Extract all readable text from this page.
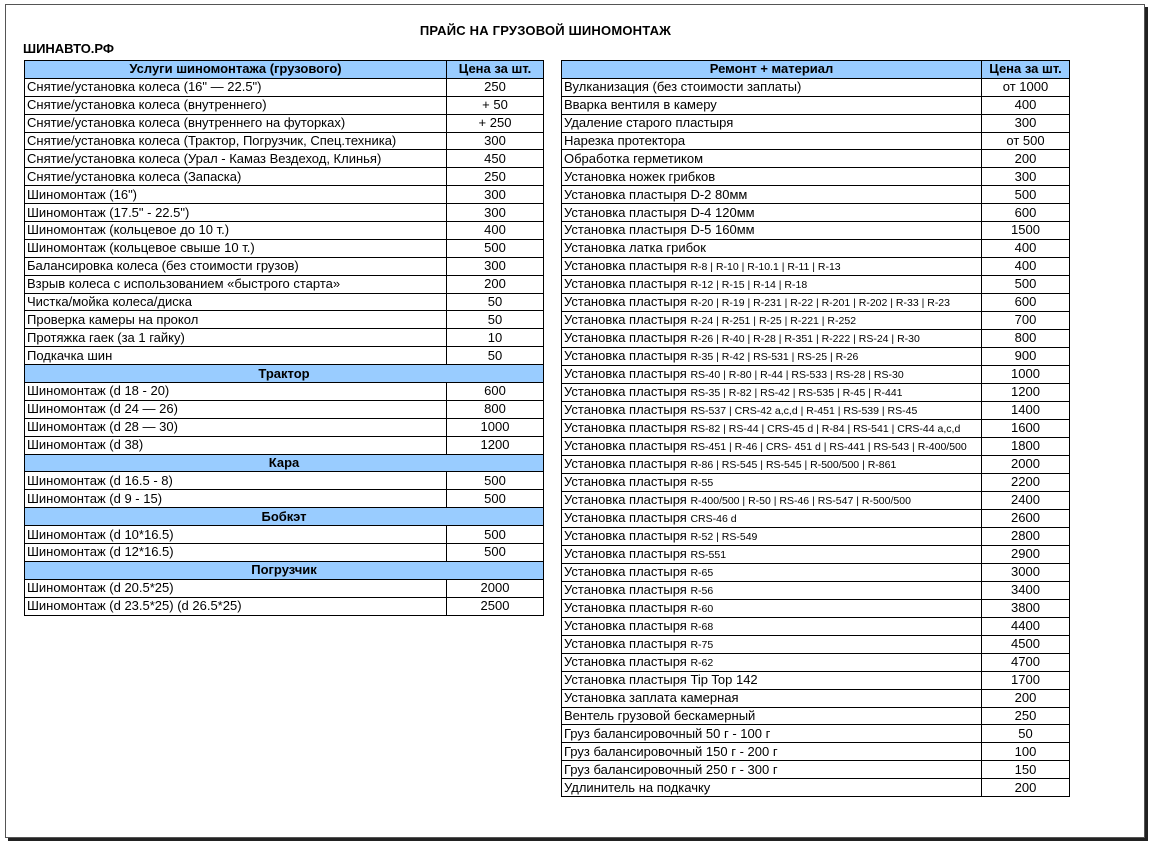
ПРАЙС НА ГРУЗОВОЙ ШИНОМОНТАЖ
ШИНАВТО.РФ
Услуги шиномонтажа (грузового)	Цена за шт.
Снятие/установка колеса (16" — 22.5")	250
Снятие/установка колеса (внутреннего)	+ 50
Снятие/установка колеса (внутреннего на футорках)	+ 250
Снятие/установка колеса (Трактор, Погрузчик, Спец.техника)	300
Снятие/установка колеса (Урал - Камаз Вездеход, Клинья)	450
Снятие/установка колеса (Запаска)	250
Шиномонтаж (16")	300
Шиномонтаж (17.5" - 22.5")	300
Шиномонтаж (кольцевое до 10 т.)	400
Шиномонтаж (кольцевое свыше 10 т.)	500
Балансировка колеса (без стоимости грузов)	300
Взрыв колеса с использованием «быстрого старта»	200
Чистка/мойка колеса/диска	50
Проверка камеры на прокол	50
Протяжка гаек (за 1 гайку)	10
Подкачка шин	50
Трактор	
Шиномонтаж (d 18 - 20)	600
Шиномонтаж (d 24 — 26)	800
Шиномонтаж (d 28 — 30)	1000
Шиномонтаж (d 38)	1200
Кара	
Шиномонтаж (d 16.5 - 8)	500
Шиномонтаж (d 9 - 15)	500
Бобкэт	
Шиномонтаж (d 10*16.5)	500
Шиномонтаж (d 12*16.5)	500
Погрузчик	
Шиномонтаж (d 20.5*25)	2000
Шиномонтаж (d 23.5*25) (d 26.5*25)	2500
Ремонт + материал	Цена за шт.
Вулканизация (без стоимости заплаты)	от 1000
Вварка вентиля в камеру	400
Удаление старого пластыря	300
Нарезка протектора	от 500
Обработка герметиком	200
Установка ножек грибков	300
Установка пластыря D-2 80мм	500
Установка пластыря D-4 120мм	600
Установка пластыря D-5 160мм	1500
Установка латка грибок	400
Установка пластыря R-8 | R-10 | R-10.1 | R-11 | R-13	400
Установка пластыря R-12 | R-15 | R-14 | R-18	500
Установка пластыря R-20 | R-19 | R-231 | R-22 | R-201 | R-202 | R-33 | R-23	600
Установка пластыря R-24 | R-251 | R-25 | R-221 | R-252	700
Установка пластыря R-26 | R-40 | R-28 | R-351 | R-222 | RS-24 | R-30	800
Установка пластыря R-35 | R-42 | RS-531 | RS-25 | R-26	900
Установка пластыря RS-40 | R-80 | R-44 | RS-533 | RS-28 | RS-30	1000
Установка пластыря RS-35 | R-82 | RS-42 | RS-535 | R-45 | R-441	1200
Установка пластыря RS-537 | CRS-42 a,c,d | R-451 | RS-539 | RS-45	1400
Установка пластыря RS-82 | RS-44 | CRS-45 d | R-84 | RS-541 | CRS-44 a,c,d	1600
Установка пластыря RS-451 | R-46 | CRS- 451 d | RS-441 | RS-543 | R-400/500	1800
Установка пластыря R-86 | RS-545 | RS-545 | R-500/500 | R-861	2000
Установка пластыря R-55	2200
Установка пластыря R-400/500 | R-50 | RS-46 | RS-547 | R-500/500	2400
Установка пластыря CRS-46 d	2600
Установка пластыря R-52 | RS-549	2800
Установка пластыря RS-551	2900
Установка пластыря R-65	3000
Установка пластыря R-56	3400
Установка пластыря R-60	3800
Установка пластыря R-68	4400
Установка пластыря R-75	4500
Установка пластыря R-62	4700
Установка пластыря Tip Top 142	1700
Установка заплата камерная	200
Вентель грузовой бескамерный	250
Груз балансировочный 50 г - 100 г	50
Груз балансировочный 150 г - 200 г	100
Груз балансировочный 250 г - 300 г	150
Удлинитель на подкачку	200
